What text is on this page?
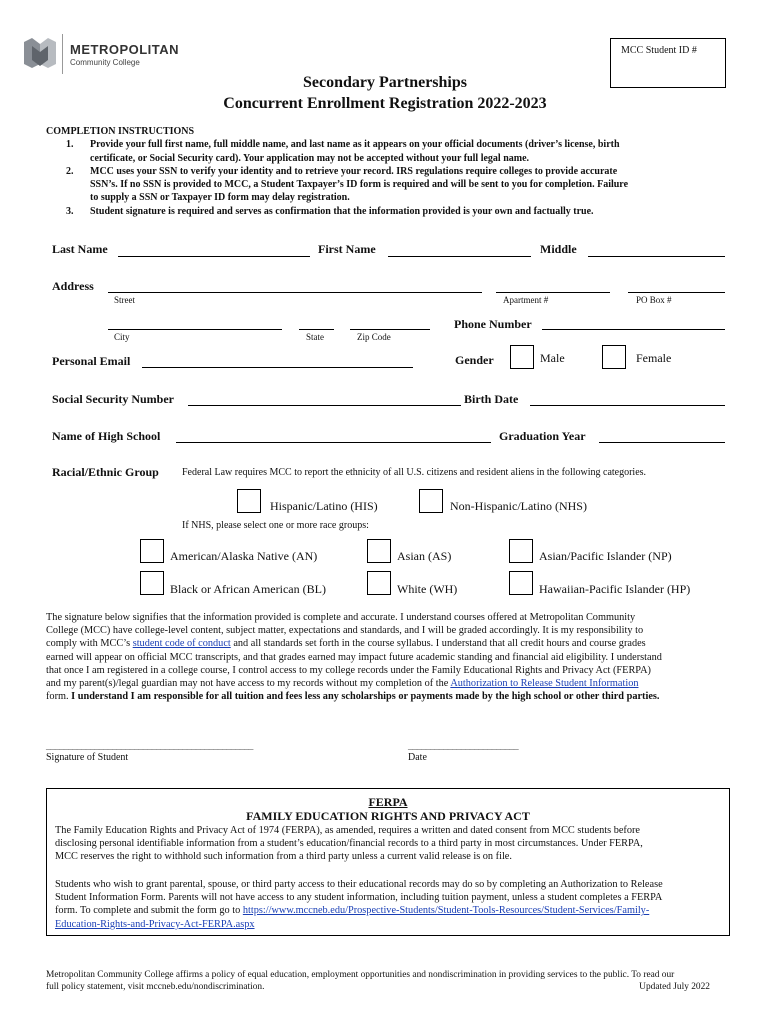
METROPOLITAN
Community College
MCC Student ID #
Secondary Partnerships
Concurrent Enrollment Registration 2022-2023
COMPLETION INSTRUCTIONS
1. Provide your full first name, full middle name, and last name as it appears on your official documents (driver’s license, birth
certificate, or Social Security card). Your application may not be accepted without your full legal name.
2. MCC uses your SSN to verify your identity and to retrieve your record. IRS regulations require colleges to provide accurate
SSN’s. If no SSN is provided to MCC, a Student Taxpayer’s ID form is required and will be sent to you for completion. Failure
to supply a SSN or Taxpayer ID form may delay registration.
3. Student signature is required and serves as confirmation that the information provided is your own and factually true.
Last Name	First Name	Middle
Address
Street	Apartment #	PO Box #
City	State	Zip Code
Phone Number
Personal Email	Gender	Male	Female
Social Security Number	Birth Date
Name of High School	Graduation Year
Racial/Ethnic Group Federal Law requires MCC to report the ethnicity of all U.S. citizens and resident aliens in the following categories.
Hispanic/Latino (HIS)	Non-Hispanic/Latino (NHS)
If NHS, please select one or more race groups:
American/Alaska Native (AN)	Asian (AS)	Asian/Pacific Islander (NP)
Black or African American (BL)	White (WH)	Hawaiian-Pacific Islander (HP)
The signature below signifies that the information provided is complete and accurate. I understand courses offered at Metropolitan Community
College (MCC) have college-level content, subject matter, expectations and standards, and I will be graded accordingly. It is my responsibility to
comply with MCC’s student code of conduct and all standards set forth in the course syllabus. I understand that all credit hours and course grades
earned will appear on official MCC transcripts, and that grades earned may impact future academic standing and financial aid eligibility. I understand
that once I am registered in a college course, I control access to my college records under the Family Educational Rights and Privacy Act (FERPA)
and my parent(s)/legal guardian may not have access to my records without my completion of the Authorization to Release Student Information
form. I understand I am responsible for all tuition and fees less any scholarships or payments made by the high school or other third parties.
_______________________________________________
Signature of Student
_________________________
Date
FERPA
FAMILY EDUCATION RIGHTS AND PRIVACY ACT
The Family Education Rights and Privacy Act of 1974 (FERPA), as amended, requires a written and dated consent from MCC students before
disclosing personal identifiable information from a student’s education/financial records to a third party in most circumstances. Under FERPA,
MCC reserves the right to withhold such information from a third party unless a current valid release is on file.
Students who wish to grant parental, spouse, or third party access to their educational records may do so by completing an Authorization to Release
Student Information Form. Parents will not have access to any student information, including tuition payment, unless a student completes a FERPA
form. To complete and submit the form go to https://www.mccneb.edu/Prospective-Students/Student-Tools-Resources/Student-Services/Family-
Education-Rights-and-Privacy-Act-FERPA.aspx
Metropolitan Community College affirms a policy of equal education, employment opportunities and nondiscrimination in providing services to the public. To read our
full policy statement, visit mccneb.edu/nondiscrimination.	Updated July 2022
